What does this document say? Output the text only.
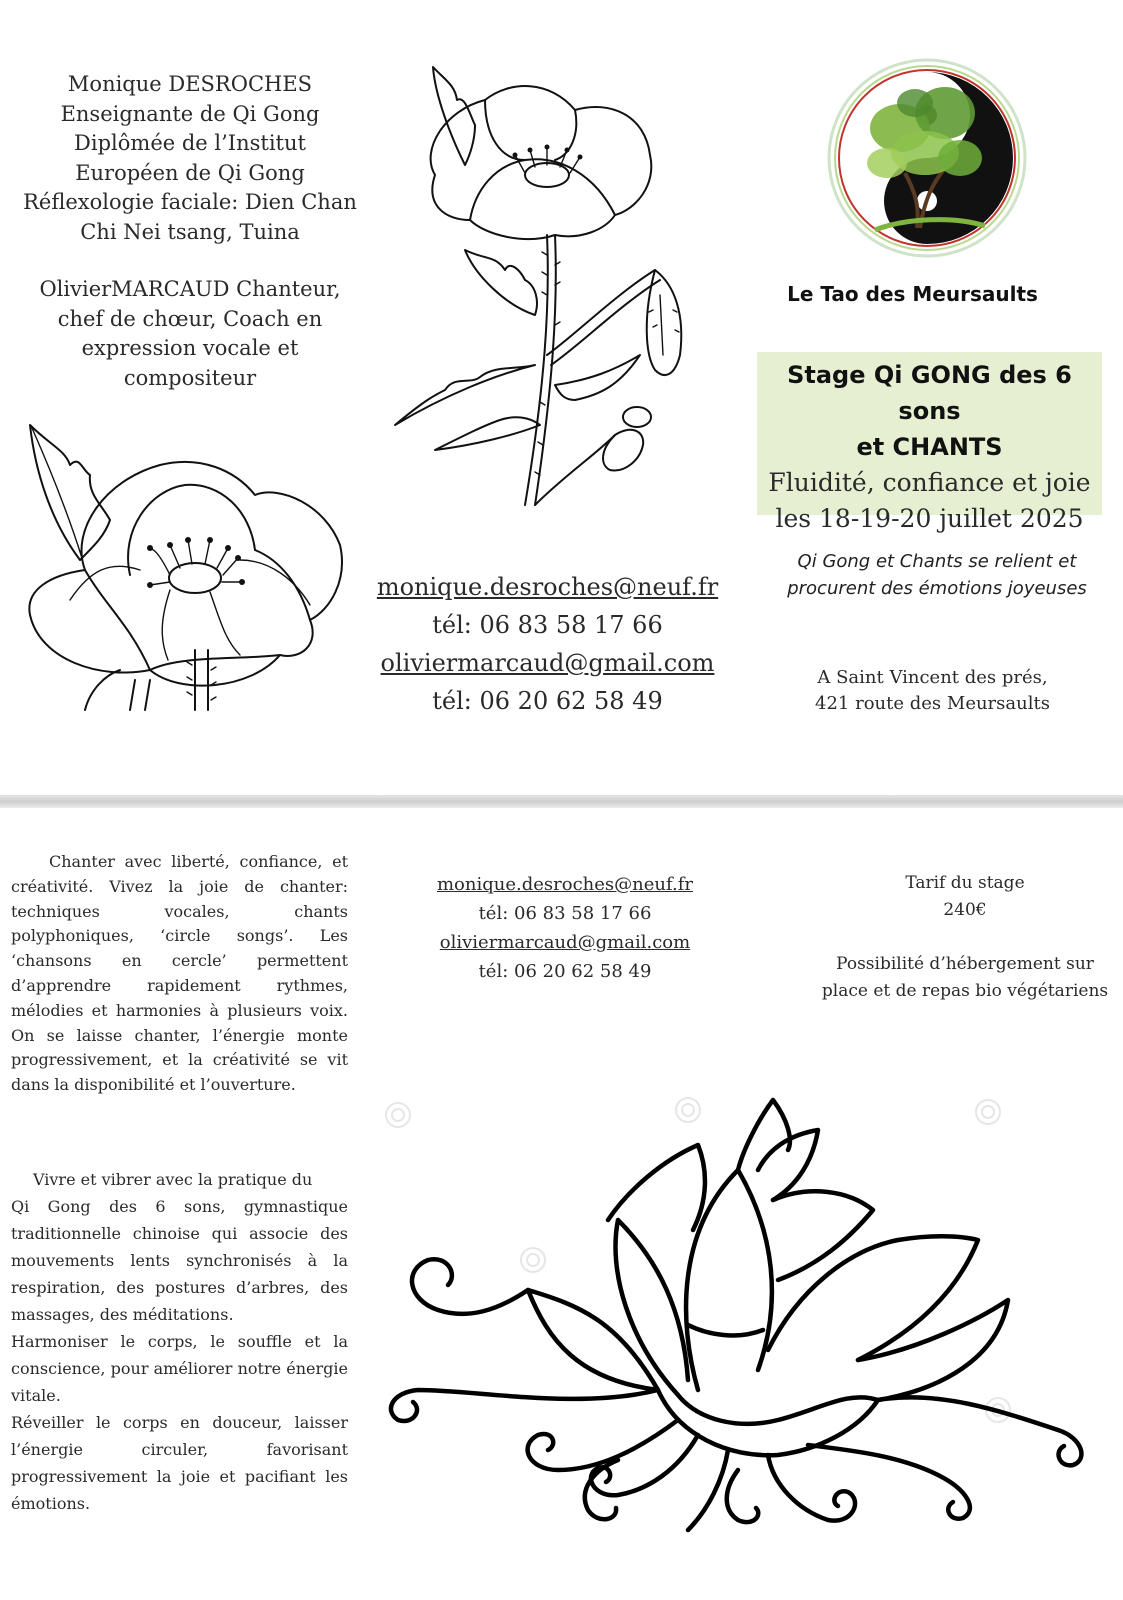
Monique DESROCHES
Enseignante de Qi Gong
Diplômée de l’Institut
Européen de Qi Gong
Réflexologie faciale: Dien Chan
Chi Nei tsang, Tuina
OlivierMARCAUD Chanteur,
chef de chœur, Coach en
expression vocale et
compositeur
monique.desroches@neuf.fr
tél: 06 83 58 17 66
oliviermarcaud@gmail.com
tél: 06 20 62 58 49
Le Tao des Meursaults
Stage Qi GONG des 6 sons
et CHANTS
Fluidité, confiance et joie
les 18-19-20 juillet 2025
Qi Gong et Chants se relient et
procurent des émotions joyeuses
A Saint Vincent des prés,
421 route des Meursaults
Chanter avec liberté, confiance, et créativité. Vivez la joie de chanter: techniques vocales, chants polyphoniques, ‘circle songs’. Les ‘chansons en cercle’ permettent d’apprendre rapidement rythmes, mélodies et harmonies à plusieurs voix. On se laisse chanter, l’énergie monte progressivement, et la créativité se vit dans la disponibilité et l’ouverture.
Vivre et vibrer avec la pratique du
Qi Gong des 6 sons, gymnastique traditionnelle chinoise qui associe des mouvements lents synchronisés à la respiration, des postures d’arbres, des massages, des méditations.
Harmoniser le corps, le souffle et la conscience, pour améliorer notre énergie vitale.
Réveiller le corps en douceur, laisser l’énergie circuler, favorisant progressivement la joie et pacifiant les émotions.
monique.desroches@neuf.fr
tél: 06 83 58 17 66
oliviermarcaud@gmail.com
tél: 06 20 62 58 49
Tarif du stage
240€
Possibilité d’hébergement sur
place et de repas bio végétariens
